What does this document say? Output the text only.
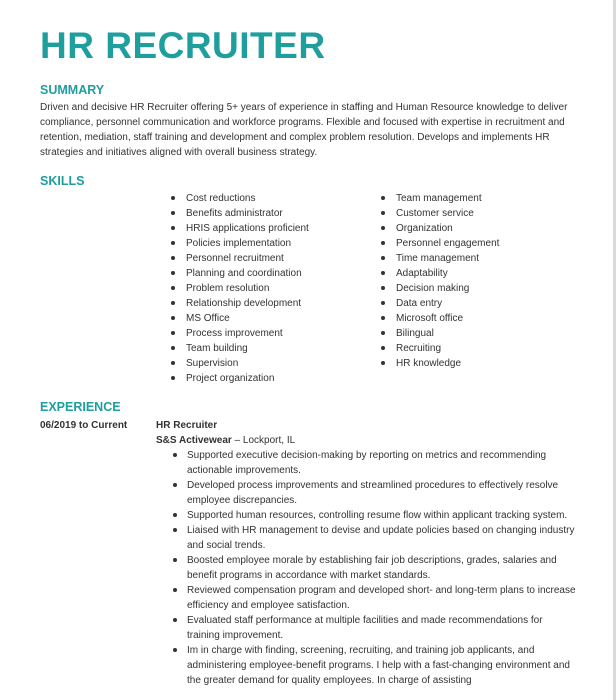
HR RECRUITER
SUMMARY

Driven and decisive HR Recruiter offering 5+ years of experience in staffing and Human Resource knowledge to deliver compliance, personnel communication and workforce programs. Flexible and focused with expertise in recruitment and retention, mediation, staff training and development and complex problem resolution. Develops and implements HR strategies and initiatives aligned with overall business strategy.

SKILLS
Cost reductions
Benefits administrator
HRIS applications proficient
Policies implementation
Personnel recruitment
Planning and coordination
Problem resolution
Relationship development
MS Office
Process improvement
Team building
Supervision
Project organization
Team management
Customer service
Organization
Personnel engagement
Time management
Adaptability
Decision making
Data entry
Microsoft office
Bilingual
Recruiting
HR knowledge
EXPERIENCE
06/2019 to Current	HR Recruiter
S&S Activewear – Lockport, IL
Supported executive decision-making by reporting on metrics and recommending actionable improvements.
Developed process improvements and streamlined procedures to effectively resolve employee discrepancies.
Supported human resources, controlling resume flow within applicant tracking system.
Liaised with HR management to devise and update policies based on changing industry and social trends.
Boosted employee morale by establishing fair job descriptions, grades, salaries and benefit programs in accordance with market standards.
Reviewed compensation program and developed short- and long-term plans to increase efficiency and employee satisfaction.
Evaluated staff performance at multiple facilities and made recommendations for training improvement.
Im in charge with finding, screening, recruiting, and training job applicants, and administering employee-benefit programs. I help with a fast-changing environment and the greater demand for quality employees. In charge of assisting
